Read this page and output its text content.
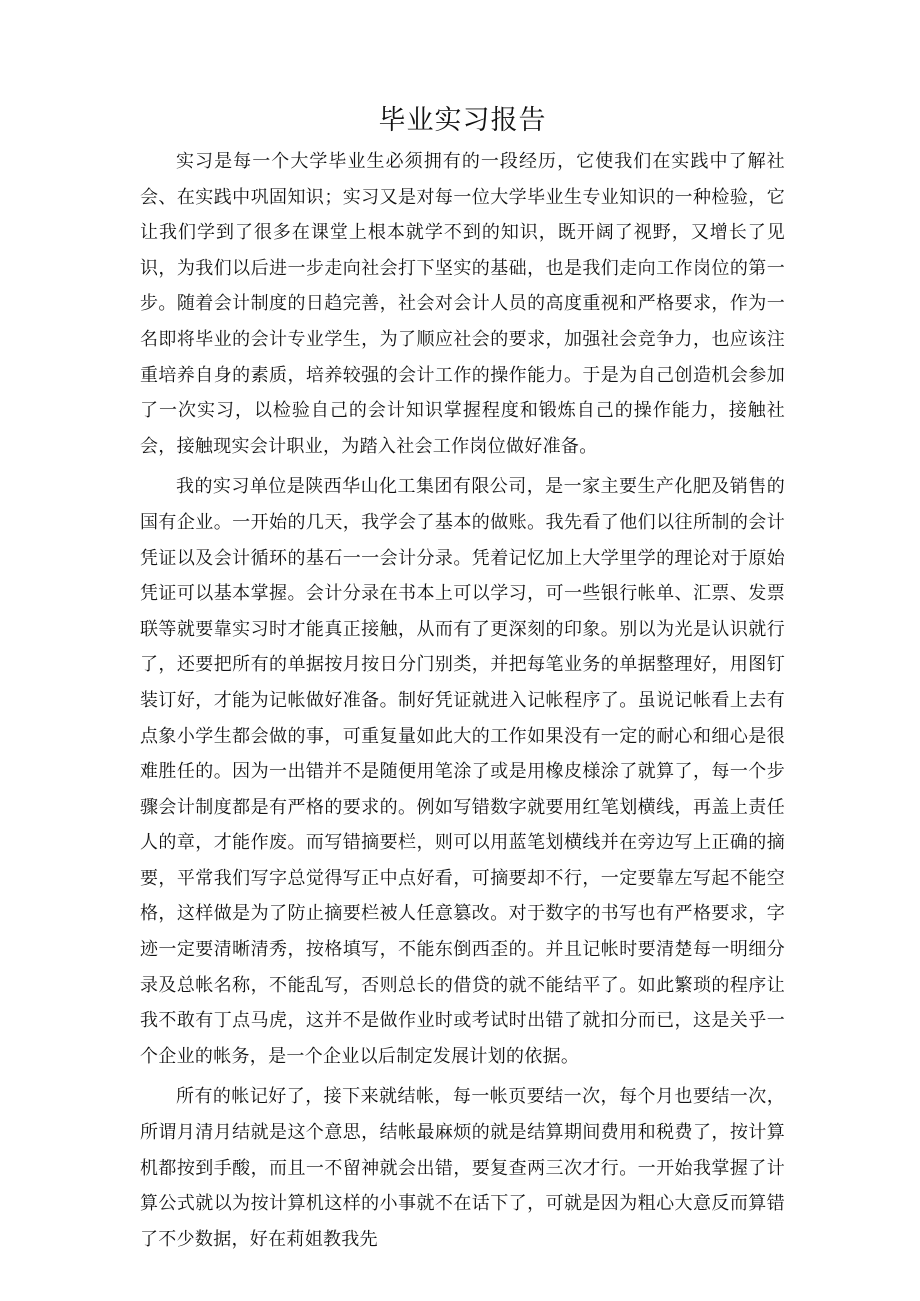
毕业实习报告

实习是每一个大学毕业生必须拥有的一段经历，它使我们在实践中了解社会、在实践中巩固知识；实习又是对每一位大学毕业生专业知识的一种检验，它让我们学到了很多在课堂上根本就学不到的知识，既开阔了视野，又增长了见识，为我们以后进一步走向社会打下坚实的基础，也是我们走向工作岗位的第一步。随着会计制度的日趋完善，社会对会计人员的高度重视和严格要求，作为一名即将毕业的会计专业学生，为了顺应社会的要求，加强社会竞争力，也应该注重培养自身的素质，培养较强的会计工作的操作能力。于是为自己创造机会参加了一次实习，以检验自己的会计知识掌握程度和锻炼自己的操作能力，接触社会，接触现实会计职业，为踏入社会工作岗位做好准备。

我的实习单位是陕西华山化工集团有限公司，是一家主要生产化肥及销售的国有企业。一开始的几天，我学会了基本的做账。我先看了他们以往所制的会计凭证以及会计循环的基石一一会计分录。凭着记忆加上大学里学的理论对于原始凭证可以基本掌握。会计分录在书本上可以学习，可一些银行帐单、汇票、发票联等就要靠实习时才能真正接触，从而有了更深刻的印象。别以为光是认识就行了，还要把所有的单据按月按日分门别类，并把每笔业务的单据整理好，用图钉装订好，才能为记帐做好准备。制好凭证就进入记帐程序了。虽说记帐看上去有点象小学生都会做的事，可重复量如此大的工作如果没有一定的耐心和细心是很难胜任的。因为一出错并不是随便用笔涂了或是用橡皮様涂了就算了，每一个步骤会计制度都是有严格的要求的。例如写错数字就要用红笔划横线，再盖上责任人的章，才能作废。而写错摘要栏，则可以用蓝笔划横线并在旁边写上正确的摘要，平常我们写字总觉得写正中点好看，可摘要却不行，一定要靠左写起不能空格，这样做是为了防止摘要栏被人任意篡改。对于数字的书写也有严格要求，字迹一定要清晰清秀，按格填写，不能东倒西歪的。并且记帐时要清楚每一明细分录及总帐名称，不能乱写，否则总长的借贷的就不能结平了。如此繁琐的程序让我不敢有丁点马虎，这并不是做作业时或考试时出错了就扣分而已，这是关乎一个企业的帐务，是一个企业以后制定发展计划的依据。

所有的帐记好了，接下来就结帐，每一帐页要结一次，每个月也要结一次，所谓月清月结就是这个意思，结帐最麻烦的就是结算期间费用和税费了，按计算机都按到手酸，而且一不留神就会出错，要复查两三次才行。一开始我掌握了计算公式就以为按计算机这样的小事就不在话下了，可就是因为粗心大意反而算错了不少数据，好在莉姐教我先
